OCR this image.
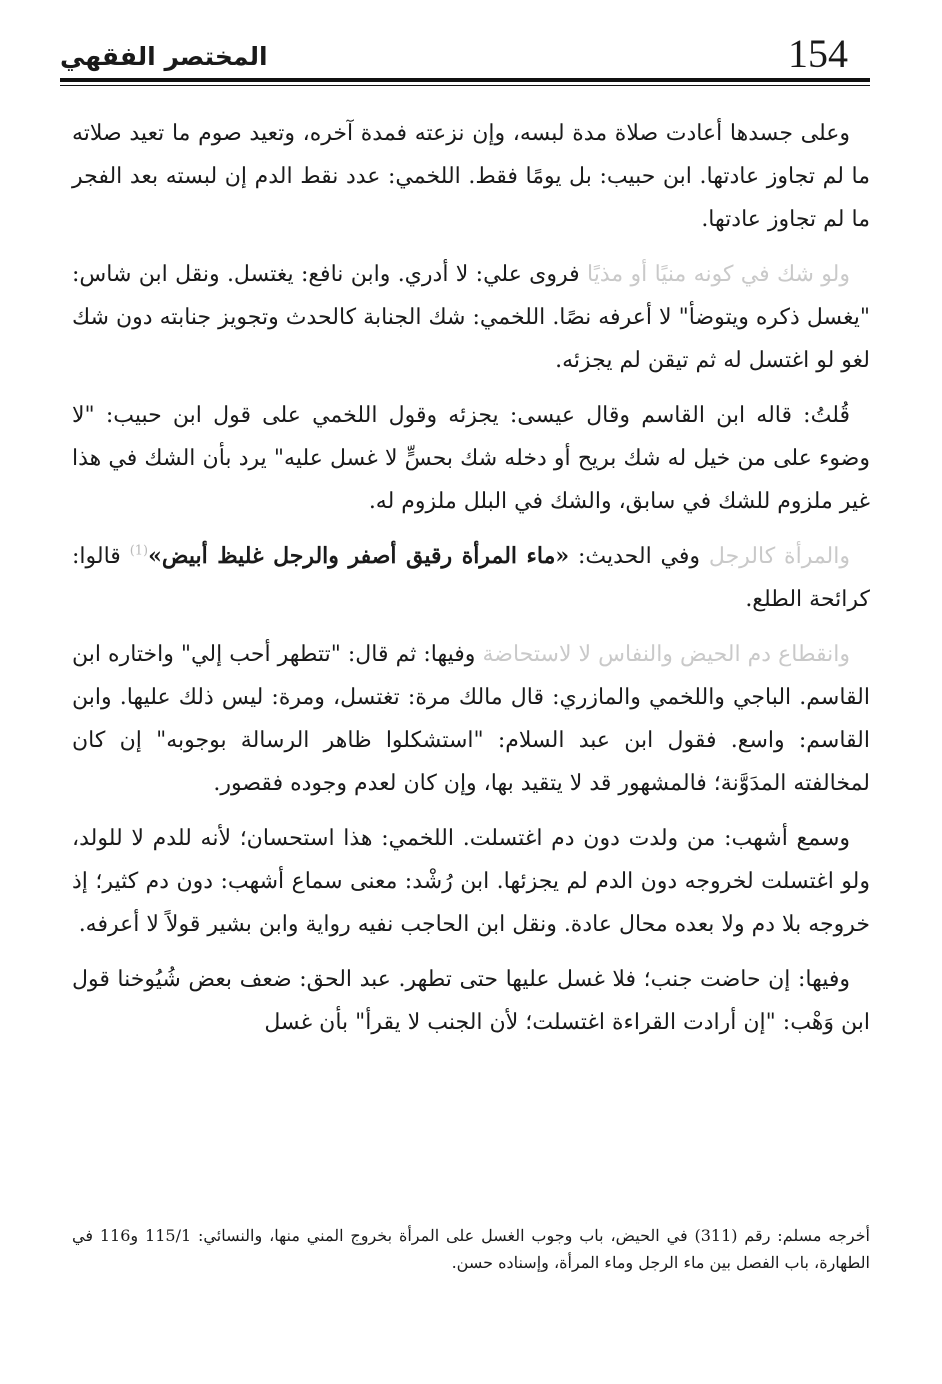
المختصر الفقهي	154

وعلى جسدها أعادت صلاة مدة لبسه، وإن نزعته فمدة آخره، وتعيد صوم ما تعيد صلاته ما لم تجاوز عادتها. ابن حبيب: بل يومًا فقط. اللخمي: عدد نقط الدم إن لبسته بعد الفجر ما لم تجاوز عادتها.

ولو شك في كونه منيًا أو مذيًا فروى علي: لا أدري. وابن نافع: يغتسل. ونقل ابن شاس: "يغسل ذكره ويتوضأ" لا أعرفه نصًا. اللخمي: شك الجنابة كالحدث وتجويز جنابته دون شك لغو لو اغتسل له ثم تيقن لم يجزئه.

قُلتُ: قاله ابن القاسم وقال عيسى: يجزئه وقول اللخمي على قول ابن حبيب: "لا وضوء على من خيل له شك بريح أو دخله شك بحسٍّ لا غسل عليه" يرد بأن الشك في هذا غير ملزوم للشك في سابق، والشك في البلل ملزوم له.

والمرأة كالرجل وفي الحديث: «ماء المرأة رقيق أصفر والرجل غليظ أبيض»$^{(1)}$ قالوا: كرائحة الطلع.

وانقطاع دم الحيض والنفاس لا لاستحاضة وفيها: ثم قال: "تتطهر أحب إلي" واختاره ابن القاسم. الباجي واللخمي والمازري: قال مالك مرة: تغتسل، ومرة: ليس ذلك عليها. وابن القاسم: واسع. فقول ابن عبد السلام: "استشكلوا ظاهر الرسالة بوجوبه" إن كان لمخالفته المدَوَّنة؛ فالمشهور قد لا يتقيد بها، وإن كان لعدم وجوده فقصور.

وسمع أشهب: من ولدت دون دم اغتسلت. اللخمي: هذا استحسان؛ لأنه للدم لا للولد، ولو اغتسلت لخروجه دون الدم لم يجزئها. ابن رُشْد: معنى سماع أشهب: دون دم كثير؛ إذ خروجه بلا دم ولا بعده محال عادة. ونقل ابن الحاجب نفيه رواية وابن بشير قولاً لا أعرفه.

وفيها: إن حاضت جنب؛ فلا غسل عليها حتى تطهر. عبد الحق: ضعف بعض شُيُوخنا قول ابن وَهْب: "إن أرادت القراءة اغتسلت؛ لأن الجنب لا يقرأ" بأن غسل

أخرجه مسلم: رقم (311) في الحيض، باب وجوب الغسل على المرأة بخروج المني منها، والنسائي: 115/1 و116 في الطهارة، باب الفصل بين ماء الرجل وماء المرأة، وإسناده حسن.
